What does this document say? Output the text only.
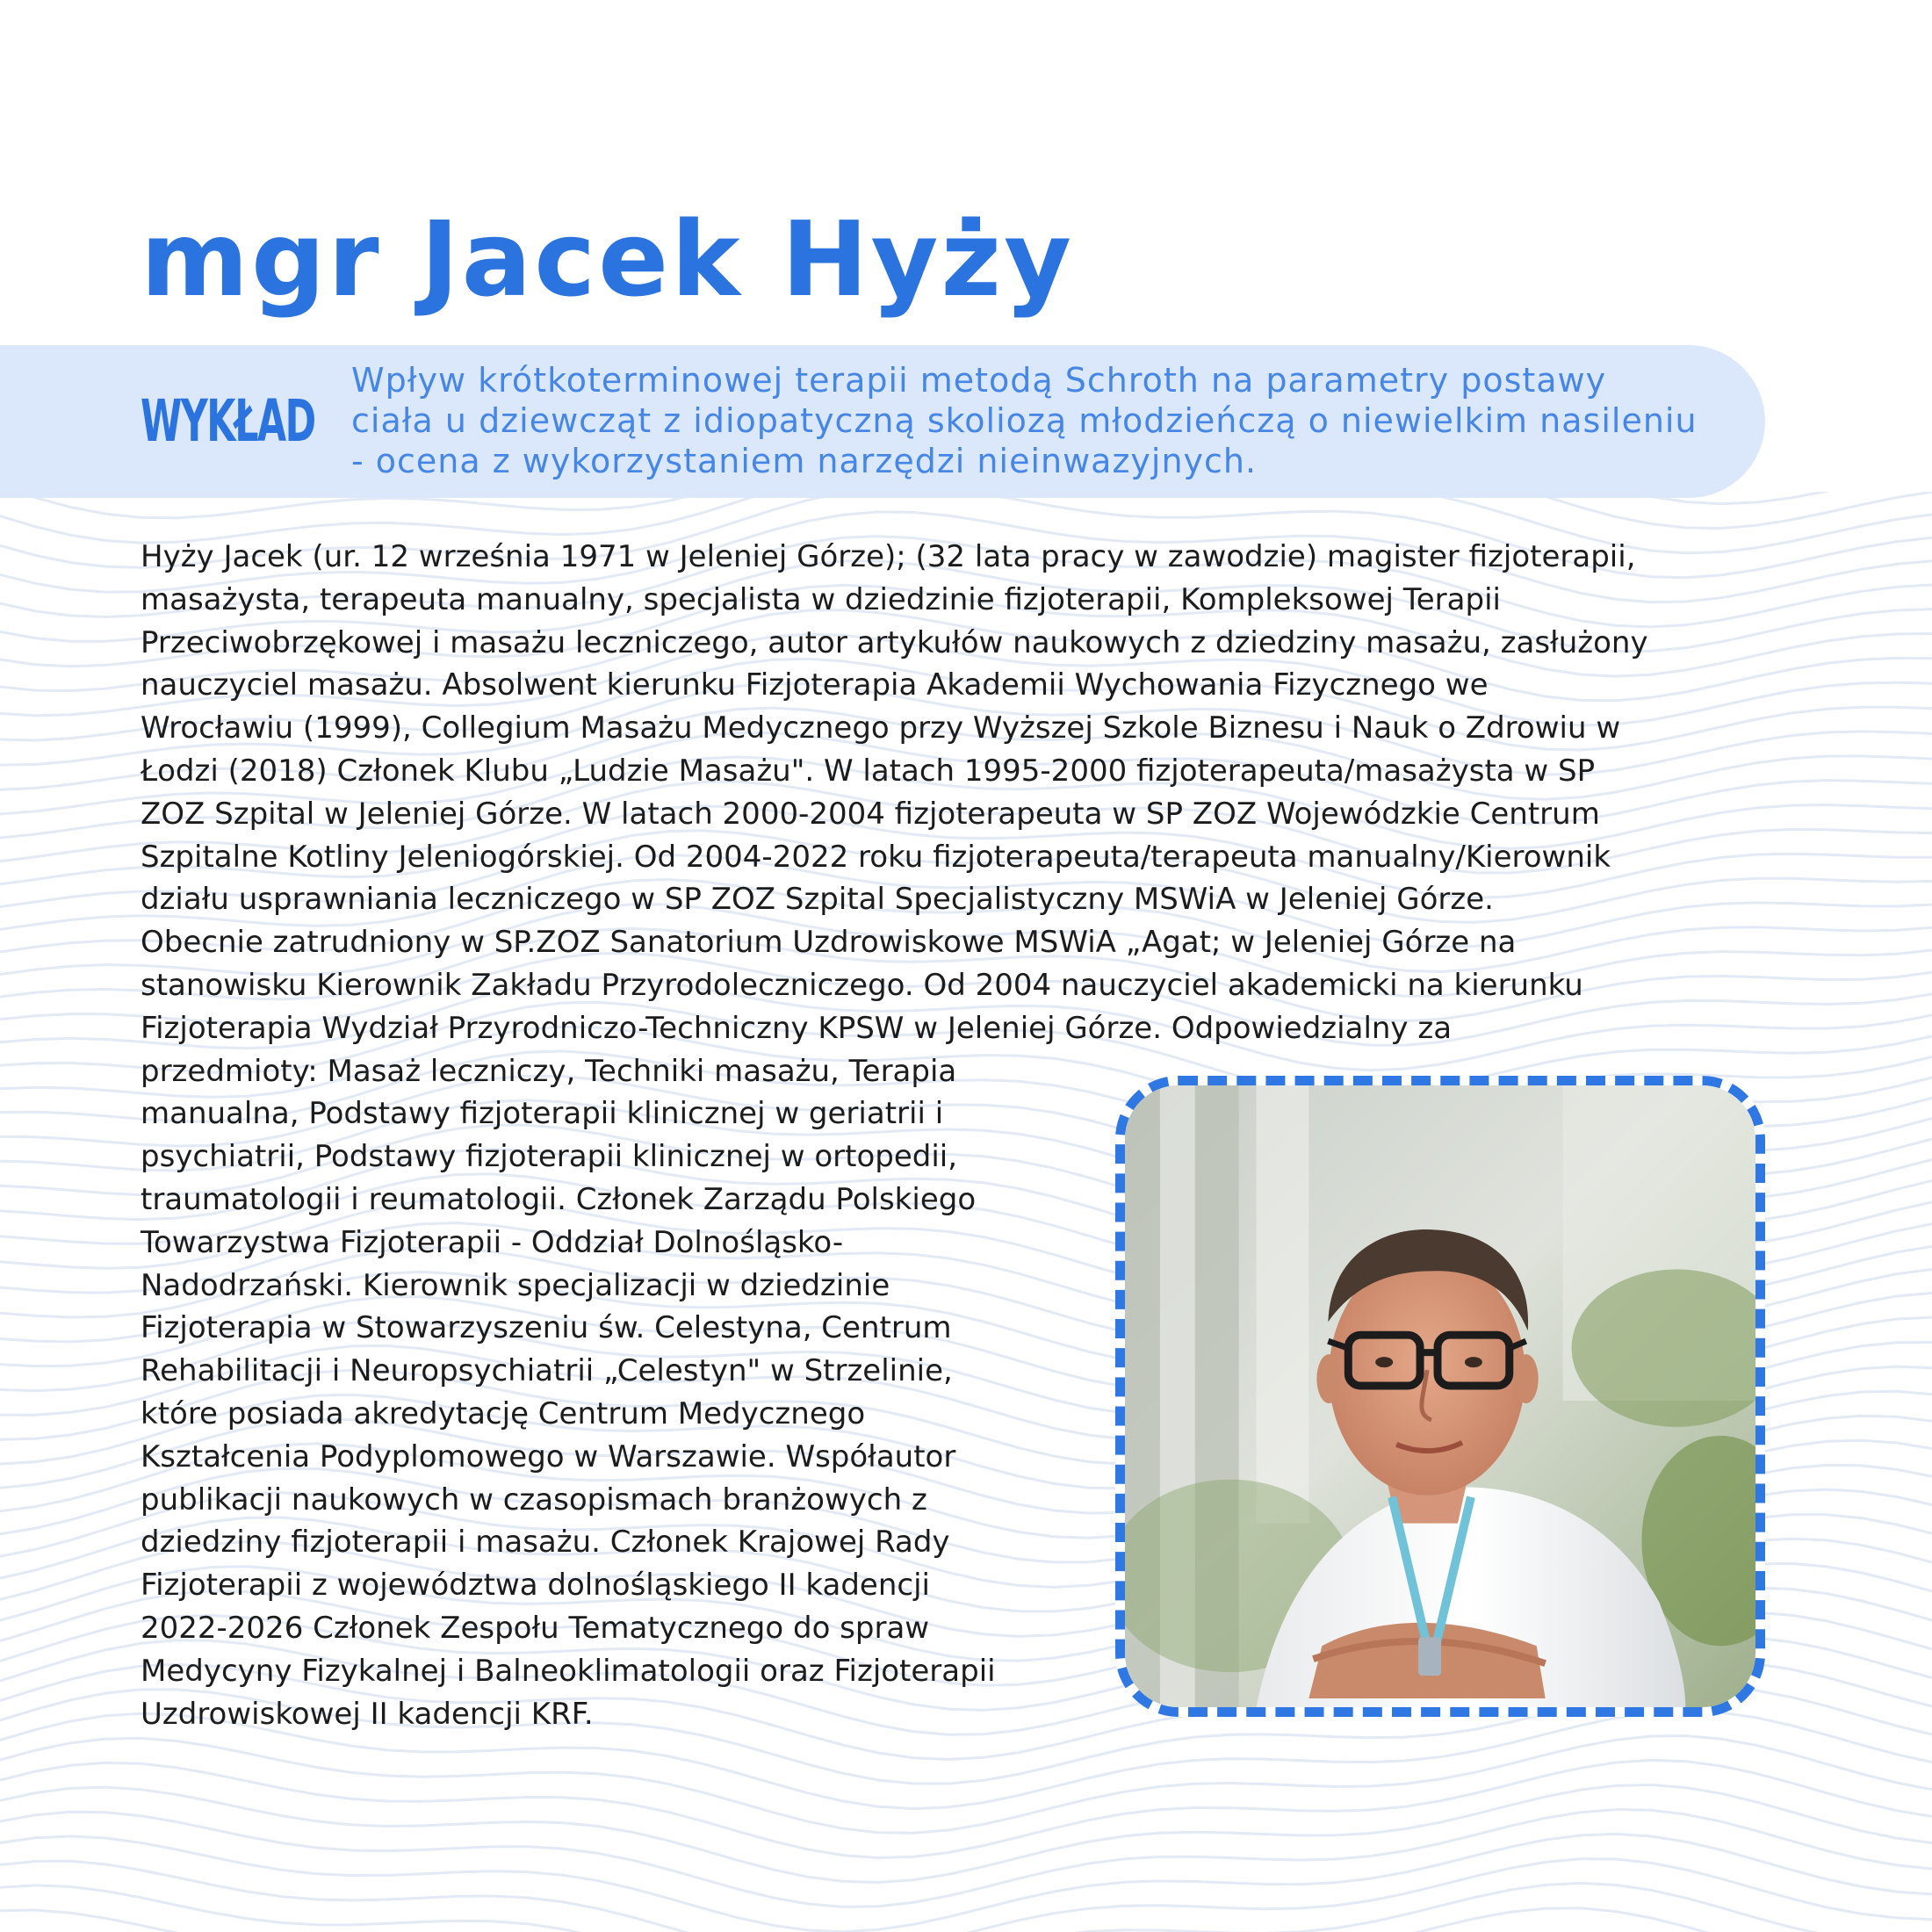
mgr Jacek Hyży
WYKŁAD
Wpływ krótkoterminowej terapii metodą Schroth na parametry postawy
ciała u dziewcząt z idiopatyczną skoliozą młodzieńczą o niewielkim nasileniu
- ocena z wykorzystaniem narzędzi nieinwazyjnych.
Hyży Jacek (ur. 12 września 1971 w Jeleniej Górze); (32 lata pracy w zawodzie) magister fizjoterapii,
masażysta, terapeuta manualny, specjalista w dziedzinie fizjoterapii, Kompleksowej Terapii
Przeciwobrzękowej i masażu leczniczego, autor artykułów naukowych z dziedziny masażu, zasłużony
nauczyciel masażu. Absolwent kierunku Fizjoterapia Akademii Wychowania Fizycznego we
Wrocławiu (1999), Collegium Masażu Medycznego przy Wyższej Szkole Biznesu i Nauk o Zdrowiu w
Łodzi (2018) Członek Klubu „Ludzie Masażu". W latach 1995-2000 fizjoterapeuta/masażysta w SP
ZOZ Szpital w Jeleniej Górze. W latach 2000-2004 fizjoterapeuta w SP ZOZ Wojewódzkie Centrum
Szpitalne Kotliny Jeleniogórskiej. Od 2004-2022 roku fizjoterapeuta/terapeuta manualny/Kierownik
działu usprawniania leczniczego w SP ZOZ Szpital Specjalistyczny MSWiA w Jeleniej Górze.
Obecnie zatrudniony w SP.ZOZ Sanatorium Uzdrowiskowe MSWiA „Agat; w Jeleniej Górze na
stanowisku Kierownik Zakładu Przyrodoleczniczego. Od 2004 nauczyciel akademicki na kierunku
Fizjoterapia Wydział Przyrodniczo-Techniczny KPSW w Jeleniej Górze. Odpowiedzialny za
przedmioty: Masaż leczniczy, Techniki masażu, Terapia
manualna, Podstawy fizjoterapii klinicznej w geriatrii i
psychiatrii, Podstawy fizjoterapii klinicznej w ortopedii,
traumatologii i reumatologii. Członek Zarządu Polskiego
Towarzystwa Fizjoterapii - Oddział Dolnośląsko-
Nadodrzański. Kierownik specjalizacji w dziedzinie
Fizjoterapia w Stowarzyszeniu św. Celestyna, Centrum
Rehabilitacji i Neuropsychiatrii „Celestyn" w Strzelinie,
które posiada akredytację Centrum Medycznego
Kształcenia Podyplomowego w Warszawie. Współautor
publikacji naukowych w czasopismach branżowych z
dziedziny fizjoterapii i masażu. Członek Krajowej Rady
Fizjoterapii z województwa dolnośląskiego II kadencji
2022-2026 Członek Zespołu Tematycznego do spraw
Medycyny Fizykalnej i Balneoklimatologii oraz Fizjoterapii
Uzdrowiskowej II kadencji KRF.
